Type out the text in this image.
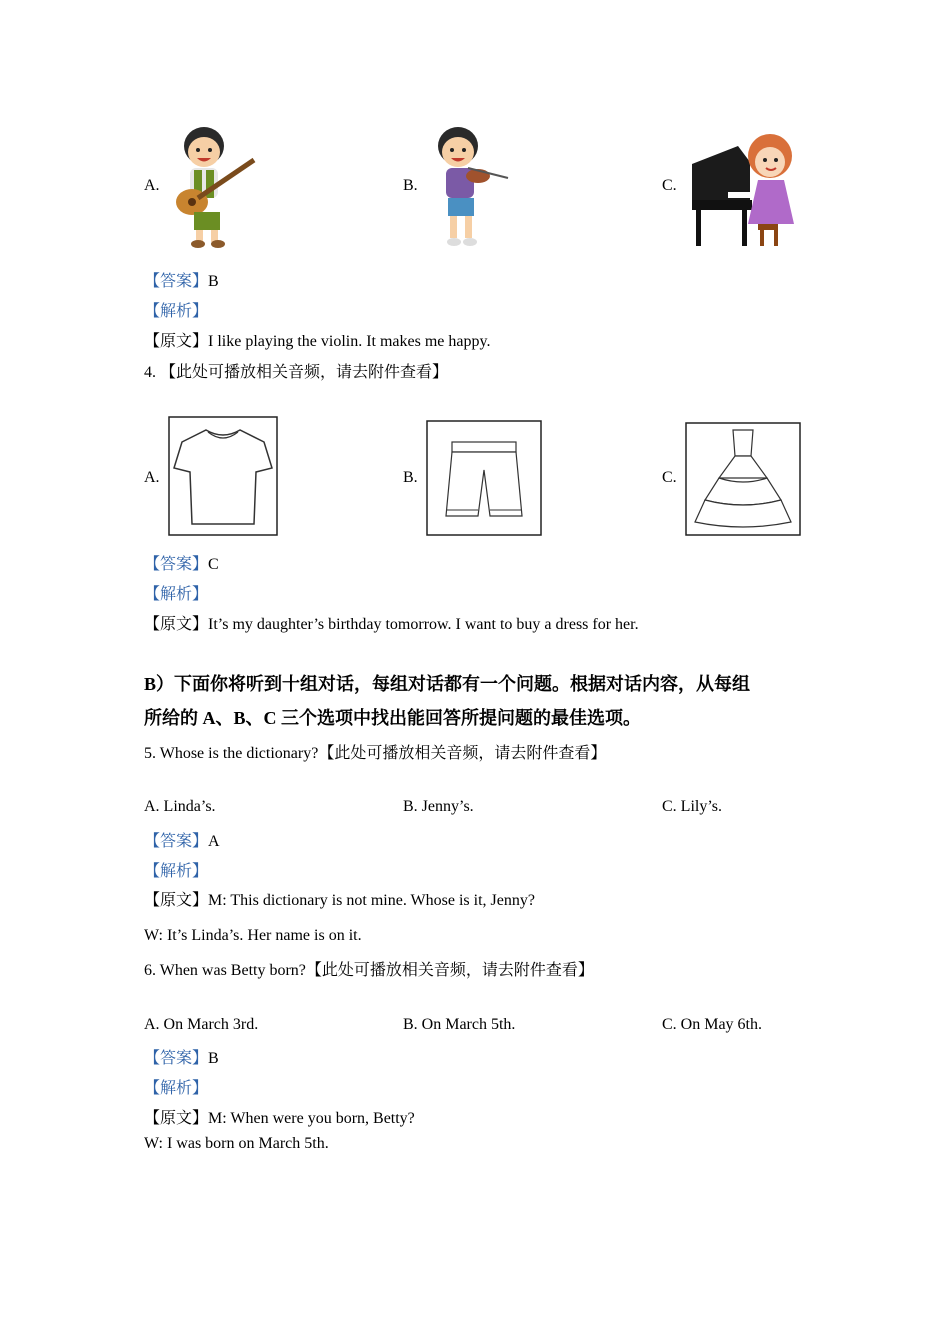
A.	B.	C.
【答案】B
【解析】
【原文】I like playing the violin. It makes me happy.
4. 【此处可播放相关音频，请去附件查看】
A.	B.	C.
【答案】C
【解析】
【原文】It’s my daughter’s birthday tomorrow. I want to buy a dress for her.
B）下面你将听到十组对话，每组对话都有一个问题。根据对话内容，从每组
所给的 A、B、C 三个选项中找出能回答所提问题的最佳选项。
5. Whose is the dictionary?【此处可播放相关音频，请去附件查看】
A. Linda’s.	B. Jenny’s.	C. Lily’s.
【答案】A
【解析】
【原文】M: This dictionary is not mine. Whose is it, Jenny?
W: It’s Linda’s. Her name is on it.
6. When was Betty born?【此处可播放相关音频，请去附件查看】
A. On March 3rd.	B. On March 5th.	C. On May 6th.
【答案】B
【解析】
【原文】M: When were you born, Betty?
W: I was born on March 5th.
